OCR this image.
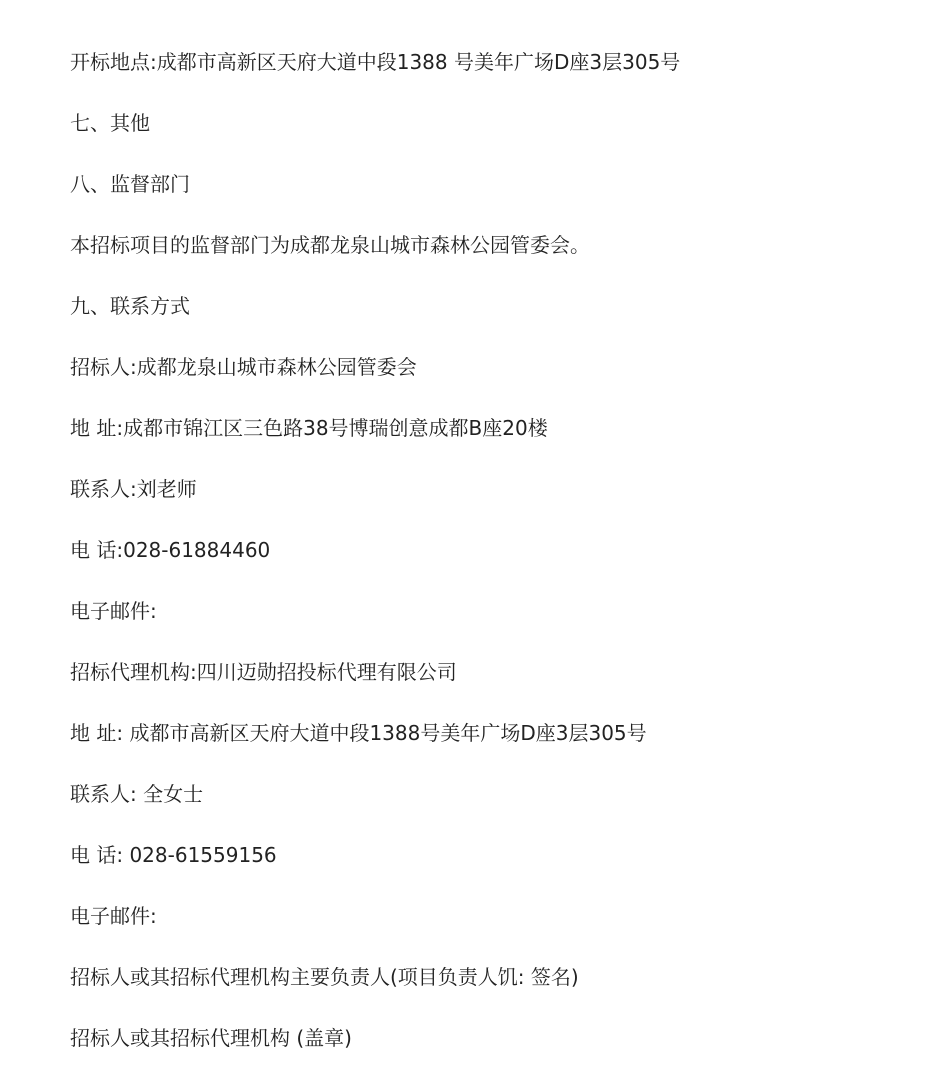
开标地点:成都市高新区天府大道中段1388 号美年广场D座3层305号

七、其他

八、监督部门

本招标项目的监督部门为成都龙泉山城市森林公园管委会。

九、联系方式

招标人:成都龙泉山城市森林公园管委会

地 址:成都市锦江区三色路38号博瑞创意成都B座20楼

联系人:刘老师

电 话:028-61884460

电子邮件:

招标代理机构:四川迈勋招投标代理有限公司

地 址: 成都市高新区天府大道中段1388号美年广场D座3层305号

联系人: 全女士

电 话: 028-61559156

电子邮件:

招标人或其招标代理机构主要负责人(项目负责人饥: 签名)

招标人或其招标代理机构 (盖章)
